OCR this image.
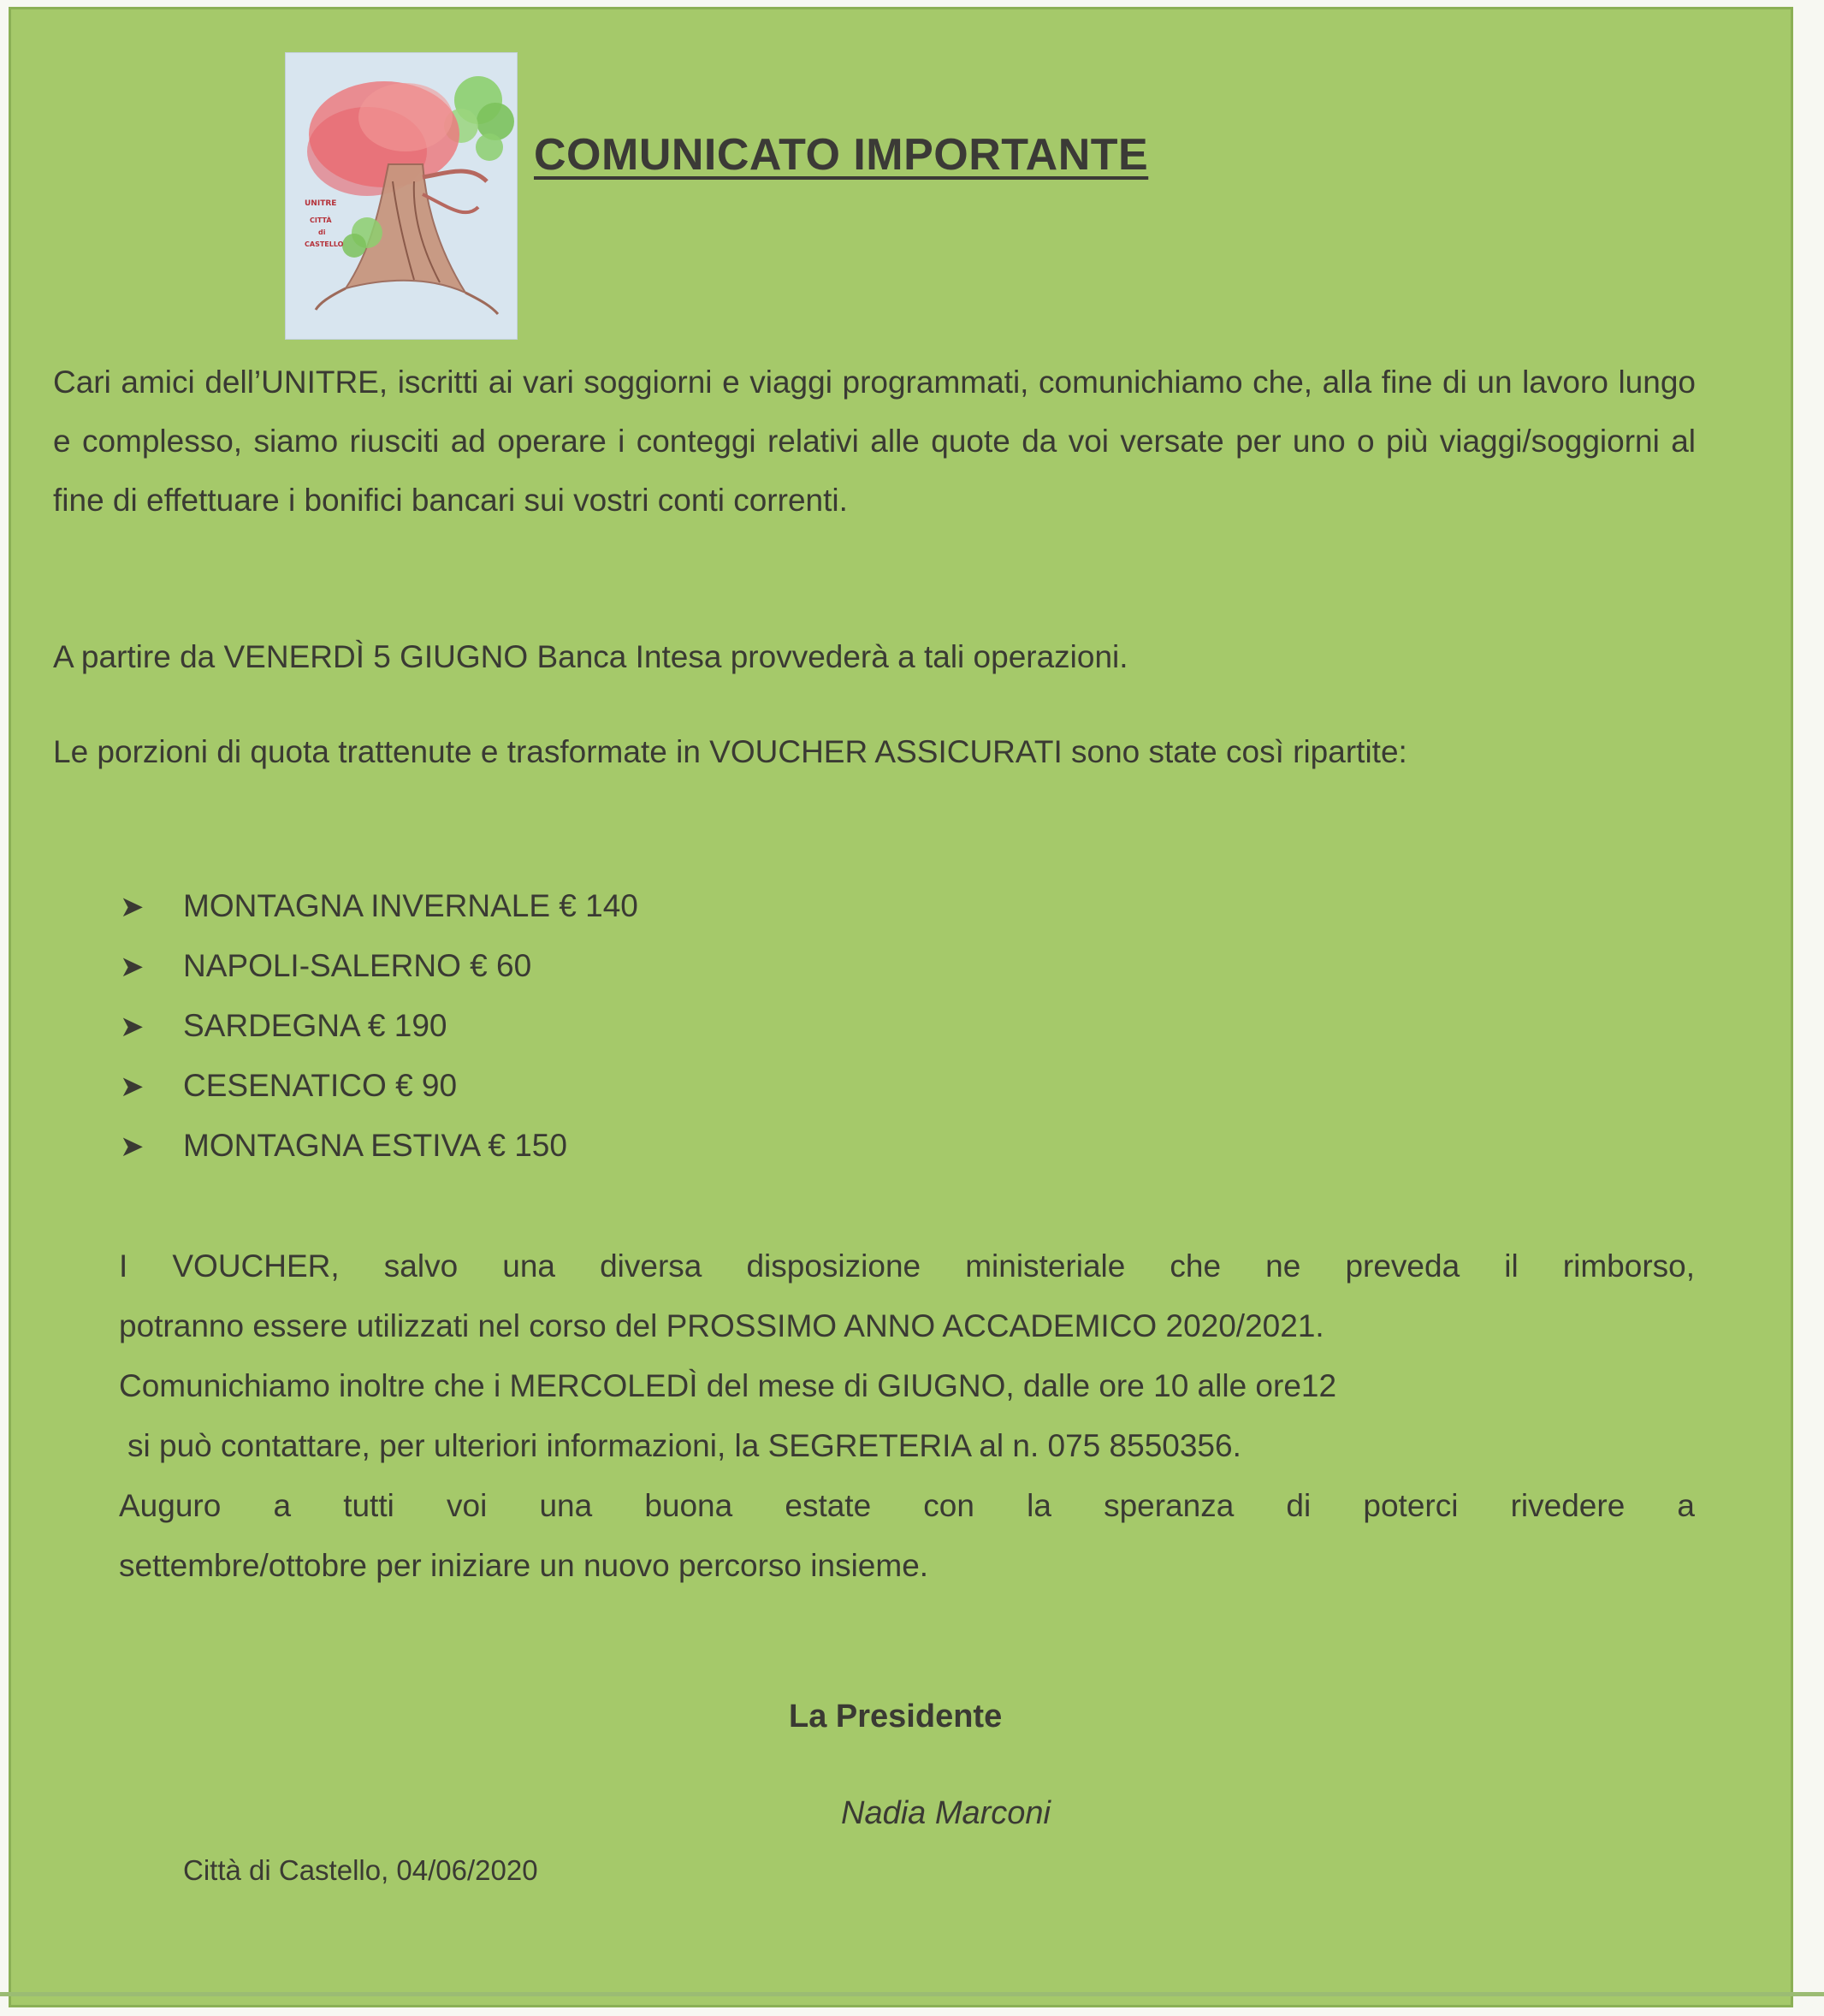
UNITRE
CITTÀ
di
CASTELLO
COMUNICATO IMPORTANTE

Cari amici dell’UNITRE, iscritti ai vari soggiorni e viaggi programmati, comunichiamo che, alla fine di un lavoro lungo e complesso, siamo riusciti ad operare i conteggi relativi alle quote da voi versate per uno o più viaggi/soggiorni al fine di effettuare i bonifici bancari sui vostri conti correnti.

A partire da VENERDÌ 5 GIUGNO Banca Intesa provvederà a tali operazioni.

Le porzioni di quota trattenute e trasformate in VOUCHER ASSICURATI sono state così ripartite:

➤ MONTAGNA INVERNALE € 140
➤ NAPOLI-SALERNO € 60
➤ SARDEGNA € 190
➤ CESENATICO € 90
➤ MONTAGNA ESTIVA € 150
I VOUCHER, salvo una diversa disposizione ministeriale che ne preveda il rimborso,
potranno essere utilizzati nel corso del PROSSIMO ANNO ACCADEMICO 2020/2021.
Comunichiamo inoltre che i MERCOLEDÌ del mese di GIUGNO, dalle ore 10 alle ore12
si può contattare, per ulteriori informazioni, la SEGRETERIA al n. 075 8550356.
Auguro a tutti voi una buona estate con la speranza di poterci rivedere a
settembre/ottobre per iniziare un nuovo percorso insieme.
La Presidente
Nadia Marconi
Città di Castello, 04/06/2020
